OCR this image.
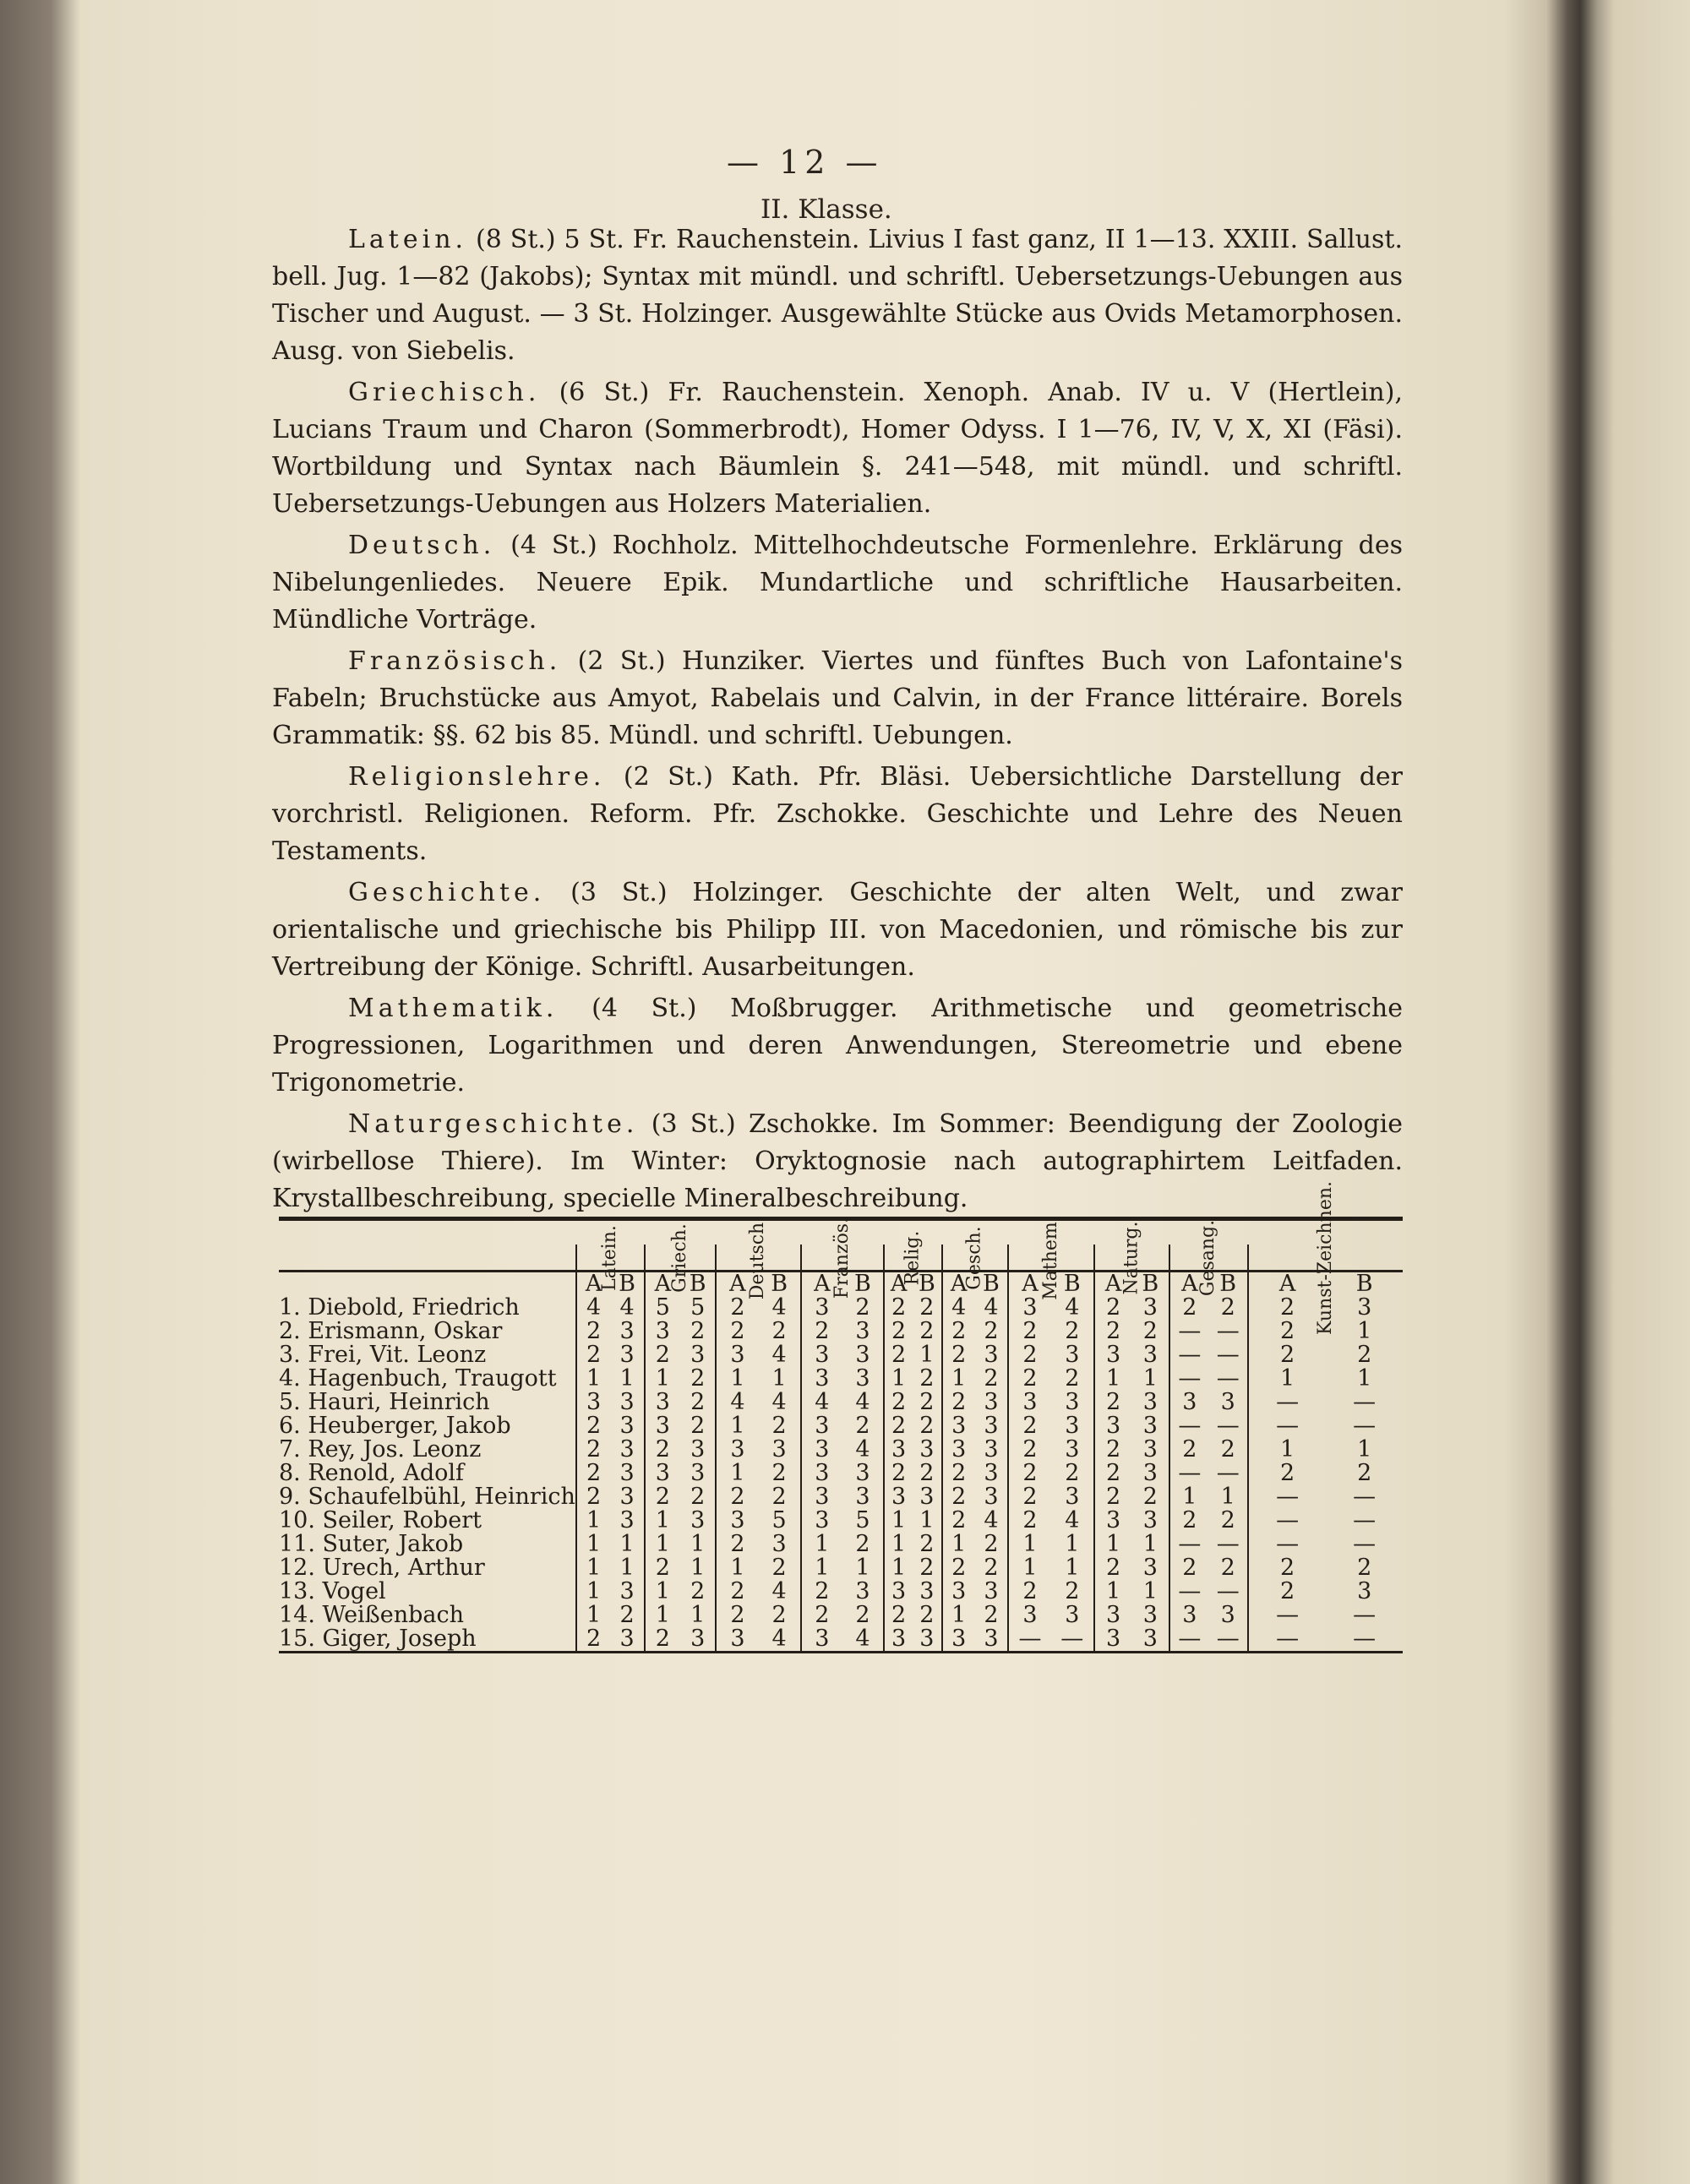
— 12 —
II. Klasse.

Latein. (8 St.) 5 St. Fr. Rauchenstein. Livius I fast ganz, II 1—13. XXIII. Sallust. bell. Jug. 1—82 (Jakobs); Syntax mit mündl. und schriftl. Uebersetzungs-Uebungen aus Tischer und August. — 3 St. Holzinger. Ausgewählte Stücke aus Ovids Metamorphosen. Ausg. von Siebelis.

Griechisch. (6 St.) Fr. Rauchenstein. Xenoph. Anab. IV u. V (Hertlein), Lucians Traum und Charon (Sommerbrodt), Homer Odyss. I 1—76, IV, V, X, XI (Fäsi). Wortbildung und Syntax nach Bäumlein §. 241—548, mit mündl. und schriftl. Uebersetzungs-Uebungen aus Holzers Materialien.

Deutsch. (4 St.) Rochholz. Mittelhochdeutsche Formenlehre. Erklärung des Nibelungenliedes. Neuere Epik. Mundartliche und schriftliche Hausarbeiten. Mündliche Vorträge.

Französisch. (2 St.) Hunziker. Viertes und fünftes Buch von Lafontaine's Fabeln; Bruchstücke aus Amyot, Rabelais und Calvin, in der France littéraire. Borels Grammatik: §§. 62 bis 85. Mündl. und schriftl. Uebungen.

Religionslehre. (2 St.) Kath. Pfr. Bläsi. Uebersichtliche Darstellung der vorchristl. Religionen. Reform. Pfr. Zschokke. Geschichte und Lehre des Neuen Testaments.

Geschichte. (3 St.) Holzinger. Geschichte der alten Welt, und zwar orientalische und griechische bis Philipp III. von Macedonien, und römische bis zur Vertreibung der Könige. Schriftl. Ausarbeitungen.

Mathematik. (4 St.) Moßbrugger. Arithmetische und geometrische Progressionen, Logarithmen und deren Anwendungen, Stereometrie und ebene Trigonometrie.

Naturgeschichte. (3 St.) Zschokke. Im Sommer: Beendigung der Zoologie (wirbellose Thiere). Im Winter: Oryktognosie nach autographirtem Leitfaden. Krystallbeschreibung, specielle Mineralbeschreibung.

	Latein.		Griech.		Deutsch.		Französ.		Relig.		Gesch.		Mathem.		Naturg.		Gesang.		Kunst-Zeichnen.	
	A	B	A	B	A	B	A	B	A	B	A	B	A	B	A	B	A	B	A	B
1. Diebold, Friedrich	4	4	5	5	2	4	3	2	2	2	4	4	3	4	2	3	2	2	2	3
2. Erismann, Oskar	2	3	3	2	2	2	2	3	2	2	2	2	2	2	2	2	—	—	2	1
3. Frei, Vit. Leonz	2	3	2	3	3	4	3	3	2	1	2	3	2	3	3	3	—	—	2	2
4. Hagenbuch, Traugott	1	1	1	2	1	1	3	3	1	2	1	2	2	2	1	1	—	—	1	1
5. Hauri, Heinrich	3	3	3	2	4	4	4	4	2	2	2	3	3	3	2	3	3	3	—	—
6. Heuberger, Jakob	2	3	3	2	1	2	3	2	2	2	3	3	2	3	3	3	—	—	—	—
7. Rey, Jos. Leonz	2	3	2	3	3	3	3	4	3	3	3	3	2	3	2	3	2	2	1	1
8. Renold, Adolf	2	3	3	3	1	2	3	3	2	2	2	3	2	2	2	3	—	—	2	2
9. Schaufelbühl, Heinrich	2	3	2	2	2	2	3	3	3	3	2	3	2	3	2	2	1	1	—	—
10. Seiler, Robert	1	3	1	3	3	5	3	5	1	1	2	4	2	4	3	3	2	2	—	—
11. Suter, Jakob	1	1	1	1	2	3	1	2	1	2	1	2	1	1	1	1	—	—	—	—
12. Urech, Arthur	1	1	2	1	1	2	1	1	1	2	2	2	1	1	2	3	2	2	2	2
13. Vogel	1	3	1	2	2	4	2	3	3	3	3	3	2	2	1	1	—	—	2	3
14. Weißenbach	1	2	1	1	2	2	2	2	2	2	1	2	3	3	3	3	3	3	—	—
15. Giger, Joseph	2	3	2	3	3	4	3	4	3	3	3	3	—	—	3	3	—	—	—	—
